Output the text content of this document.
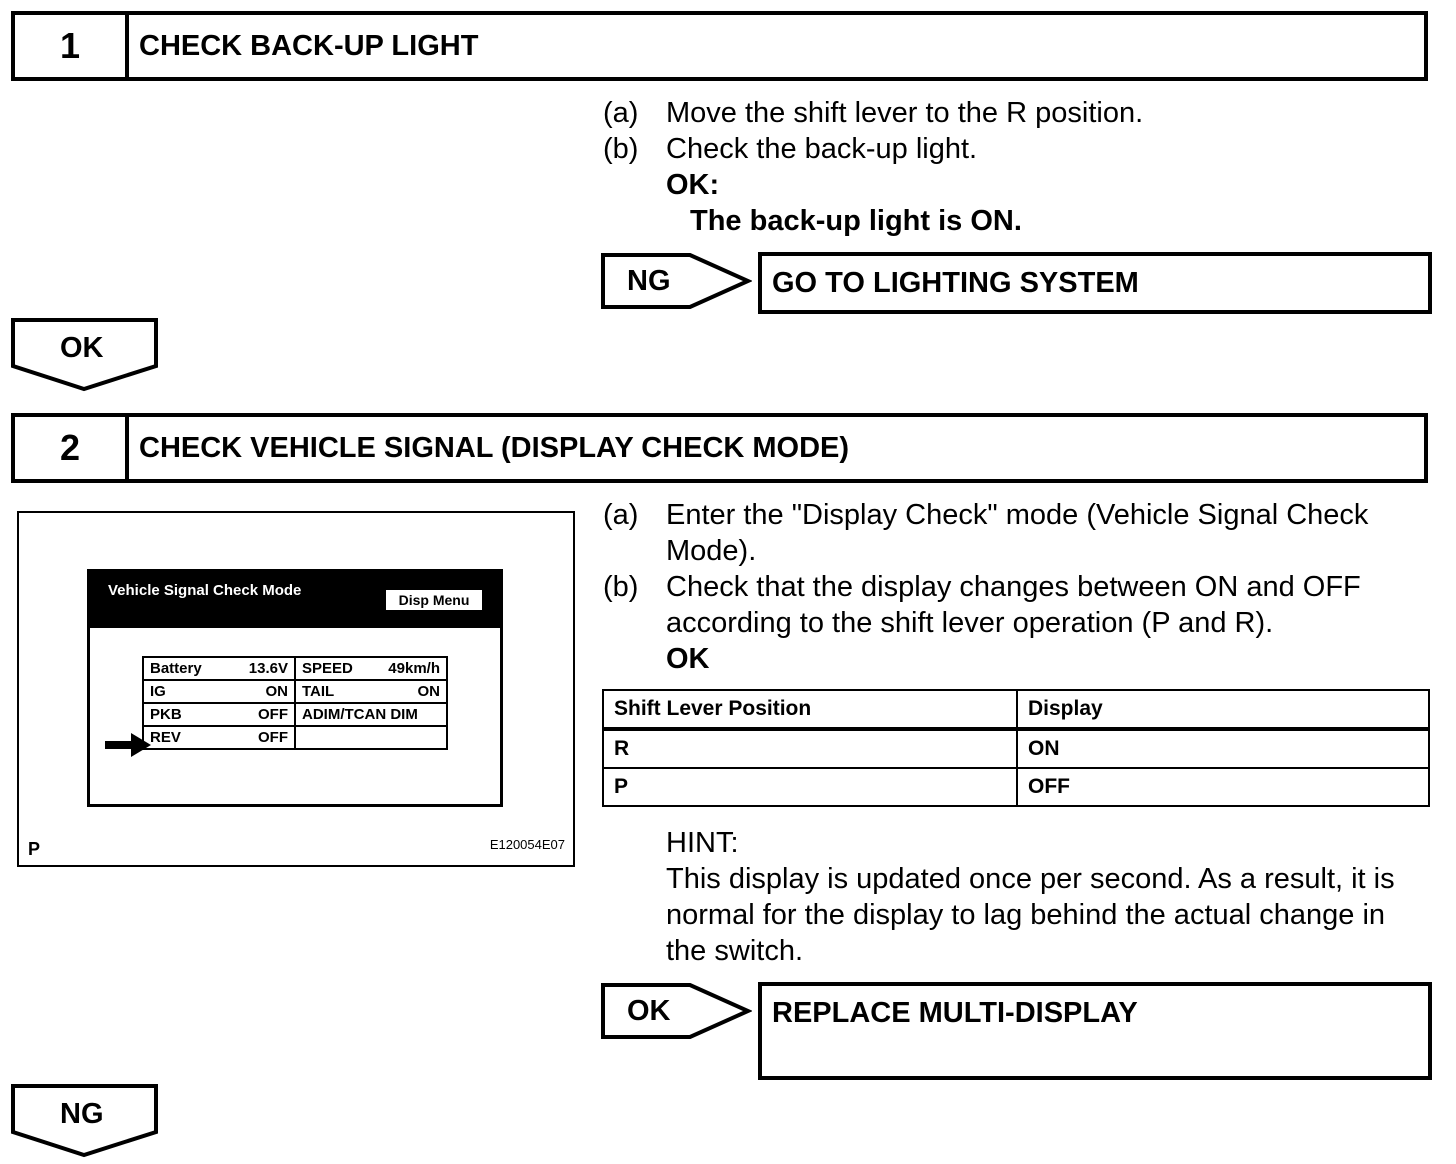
1	CHECK BACK-UP LIGHT
(a) Move the shift lever to the R position.
(b) Check the back-up light.
OK:
The back-up light is ON.
NG	GO TO LIGHTING SYSTEM
OK
2	CHECK VEHICLE SIGNAL (DISPLAY CHECK MODE)
Vehicle Signal Check Mode
Disp Menu
Battery 13.6V	SPEED 49km/h

IG ON	TAIL ON

PKB OFF	ADIM/TCAN DIM

REV OFF	

P	E120054E07
(a) Enter the "Display Check" mode (Vehicle Signal Check
Mode).
(b) Check that the display changes between ON and OFF
according to the shift lever operation (P and R).
OK
Shift Lever Position	Display
R	ON
P	OFF
HINT:
This display is updated once per second. As a result, it is
normal for the display to lag behind the actual change in
the switch.
OK	REPLACE MULTI-DISPLAY
NG
